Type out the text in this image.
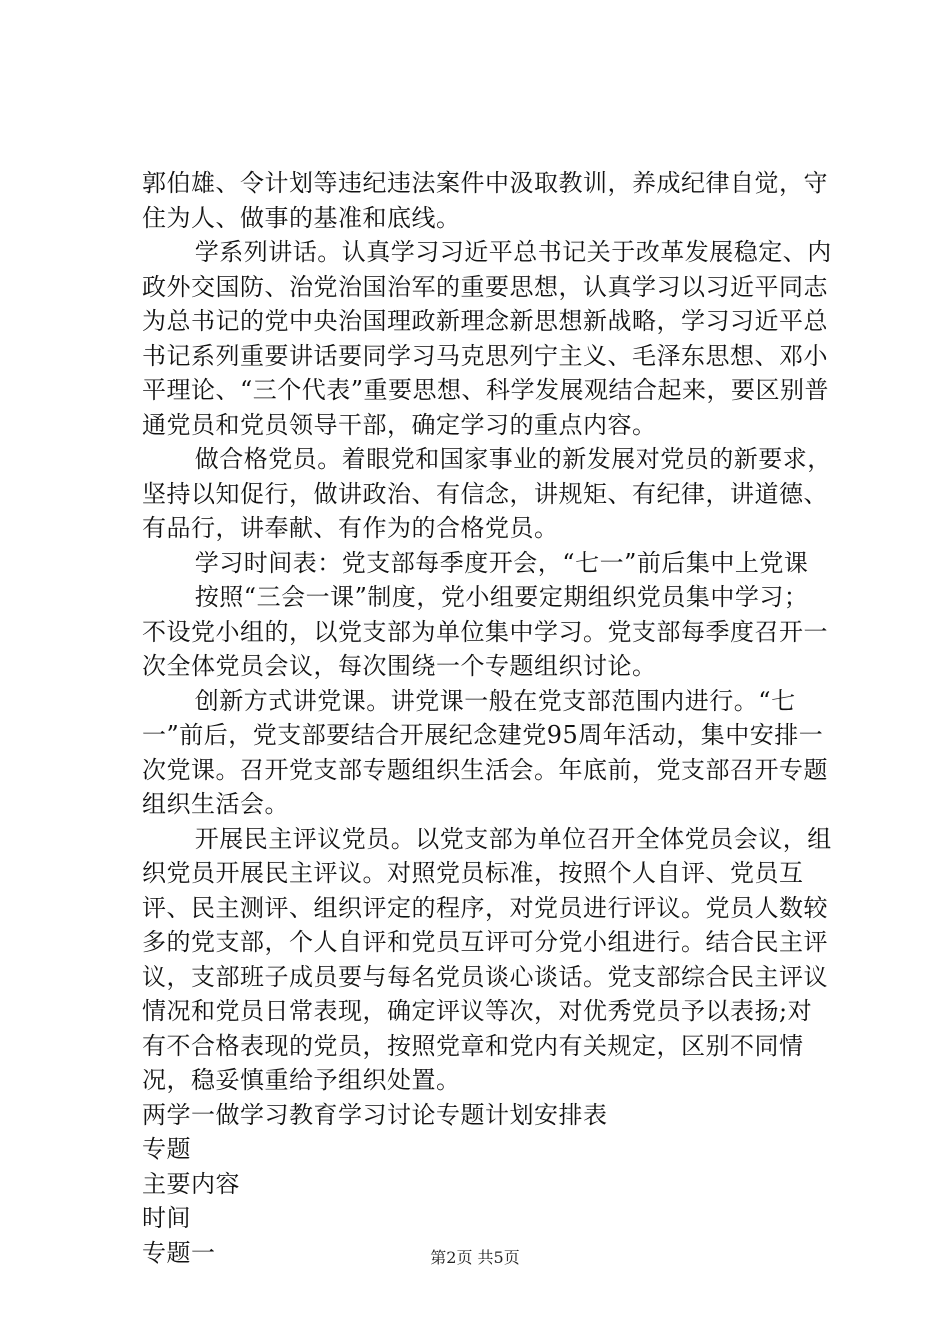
郭伯雄、令计划等违纪违法案件中汲取教训，养成纪律自觉，守住为人、做事的基准和底线。

学系列讲话。认真学习习近平总书记关于改革发展稳定、内政外交国防、治党治国治军的重要思想，认真学习以习近平同志为总书记的党中央治国理政新理念新思想新战略，学习习近平总书记系列重要讲话要同学习马克思列宁主义、毛泽东思想、邓小平理论、“三个代表”重要思想、科学发展观结合起来，要区别普通党员和党员领导干部，确定学习的重点内容。

做合格党员。着眼党和国家事业的新发展对党员的新要求，坚持以知促行，做讲政治、有信念，讲规矩、有纪律，讲道德、有品行，讲奉献、有作为的合格党员。

学习时间表：党支部每季度开会，“七一”前后集中上党课

按照“三会一课”制度，党小组要定期组织党员集中学习；不设党小组的，以党支部为单位集中学习。党支部每季度召开一次全体党员会议，每次围绕一个专题组织讨论。

创新方式讲党课。讲党课一般在党支部范围内进行。“七一”前后，党支部要结合开展纪念建党95周年活动，集中安排一次党课。召开党支部专题组织生活会。年底前，党支部召开专题组织生活会。

开展民主评议党员。以党支部为单位召开全体党员会议，组织党员开展民主评议。对照党员标准，按照个人自评、党员互评、民主测评、组织评定的程序，对党员进行评议。党员人数较多的党支部，个人自评和党员互评可分党小组进行。结合民主评议，支部班子成员要与每名党员谈心谈话。党支部综合民主评议情况和党员日常表现，确定评议等次，对优秀党员予以表扬;对有不合格表现的党员，按照党章和党内有关规定，区别不同情况，稳妥慎重给予组织处置。

两学一做学习教育学习讨论专题计划安排表

专题

主要内容

时间

专题一	第2页 共5页
